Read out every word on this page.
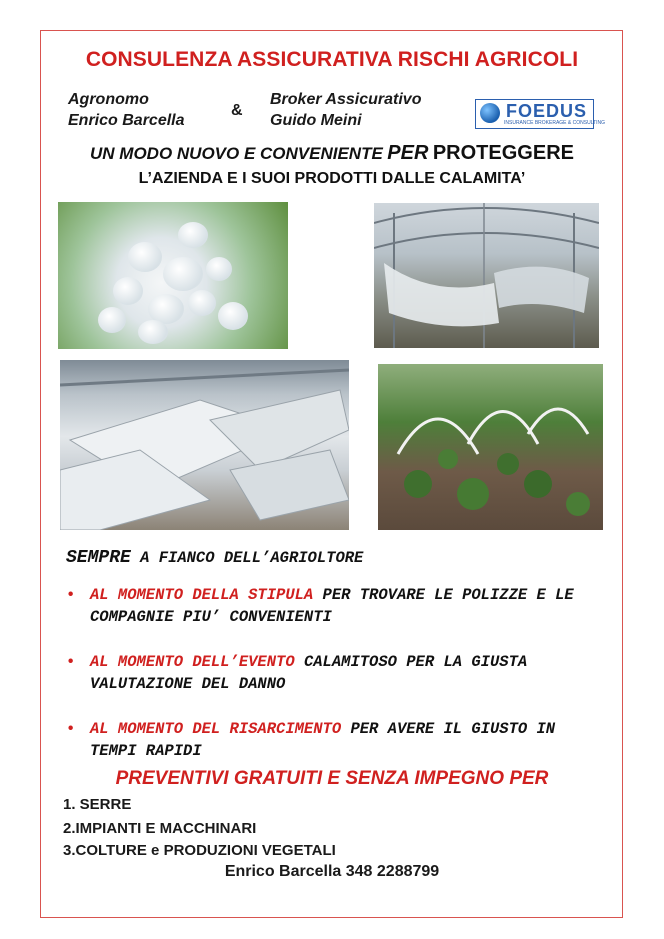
CONSULENZA ASSICURATIVA RISCHI AGRICOLI
Agronomo
Enrico Barcella
&
Broker Assicurativo
Guido Meini	FOEDUS
INSURANCE BROKERAGE & CONSULTING
UN MODO NUOVO E CONVENIENTE PER PROTEGGERE
L’AZIENDA E I SUOI PRODOTTI DALLE CALAMITA’
SEMPRE A FIANCO DELL’AGRIOLTORE
• AL MOMENTO DELLA STIPULA PER TROVARE LE POLIZZE E LE COMPAGNIE PIU’ CONVENIENTI
• AL MOMENTO DELL’EVENTO CALAMITOSO PER LA GIUSTA VALUTAZIONE DEL DANNO
• AL MOMENTO DEL RISARCIMENTO PER AVERE IL GIUSTO IN TEMPI RAPIDI
PREVENTIVI GRATUITI E SENZA IMPEGNO PER
1. SERRE
2.IMPIANTI E MACCHINARI
3.COLTURE e PRODUZIONI VEGETALI
Enrico Barcella 348 2288799
